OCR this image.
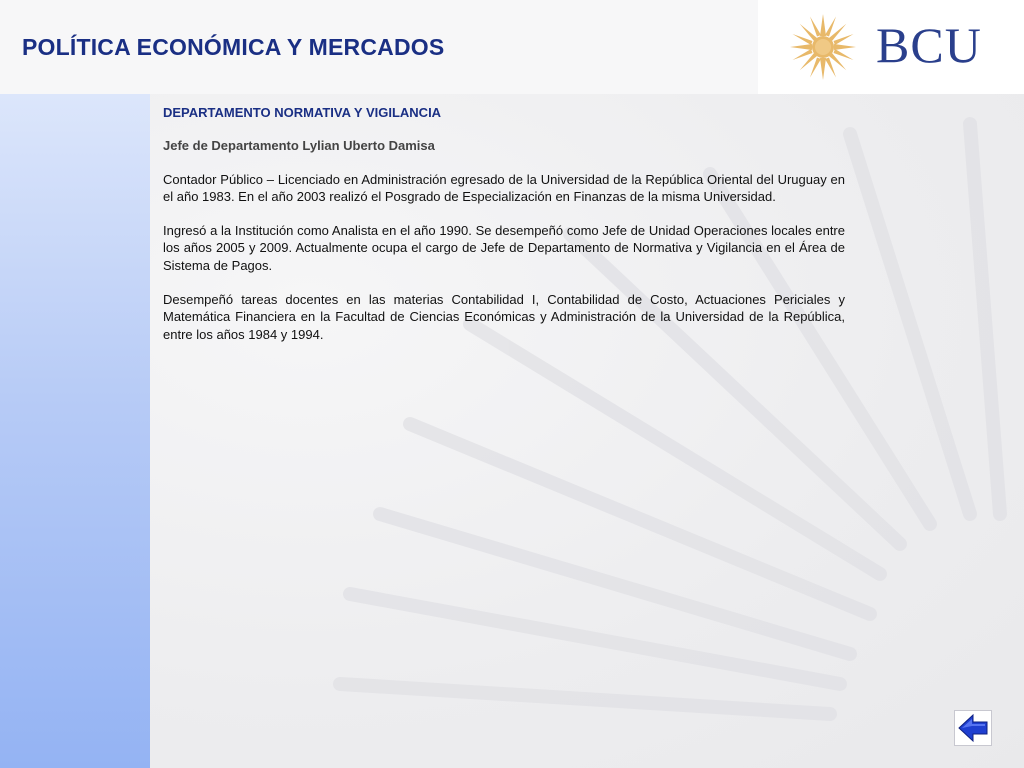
POLÍTICA ECONÓMICA Y MERCADOS	BCU
DEPARTAMENTO NORMATIVA Y VIGILANCIA
Jefe de Departamento Lylian Uberto Damisa

Contador Público – Licenciado en Administración egresado de la Universidad de la República Oriental del Uruguay en el año 1983. En el año 2003 realizó el Posgrado de Especialización en Finanzas de la misma Universidad.

Ingresó a la Institución como Analista en el año 1990. Se desempeñó como Jefe de Unidad Operaciones locales entre los años 2005 y 2009. Actualmente ocupa el cargo de Jefe de Departamento de Normativa y Vigilancia en el Área de Sistema de Pagos.

Desempeñó tareas docentes en las materias Contabilidad I, Contabilidad de Costo, Actuaciones Periciales y Matemática Financiera en la Facultad de Ciencias Económicas y Administración de la Universidad de la República, entre los años 1984 y 1994.
